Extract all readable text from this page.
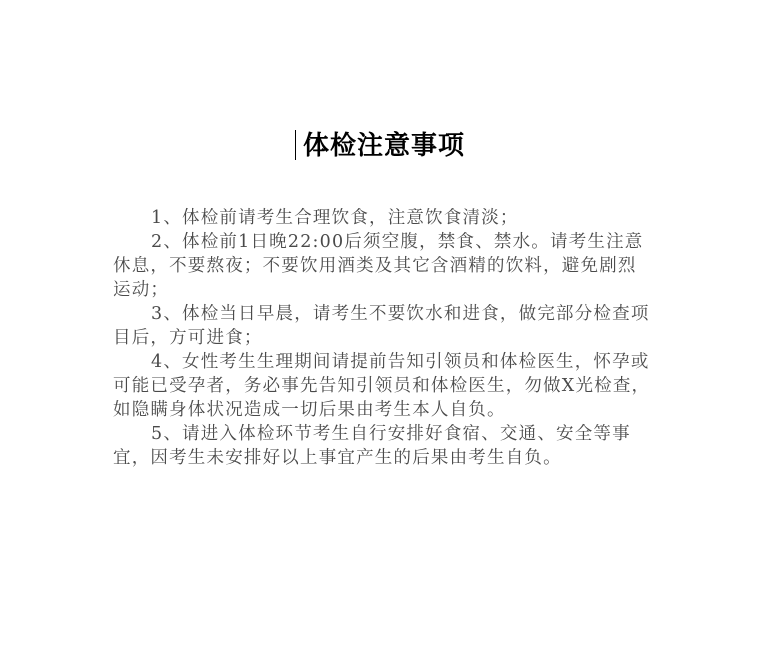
体检注意事项

1、体检前请考生合理饮食，注意饮食清淡；

2、体检前1日晚22:00后须空腹，禁食、禁水。请考生注意休息，不要熬夜；不要饮用酒类及其它含酒精的饮料，避免剧烈运动；

3、体检当日早晨，请考生不要饮水和进食，做完部分检查项目后，方可进食；

4、女性考生生理期间请提前告知引领员和体检医生，怀孕或可能已受孕者，务必事先告知引领员和体检医生，勿做X光检查，如隐瞒身体状况造成一切后果由考生本人自负。

5、请进入体检环节考生自行安排好食宿、交通、安全等事宜，因考生未安排好以上事宜产生的后果由考生自负。
